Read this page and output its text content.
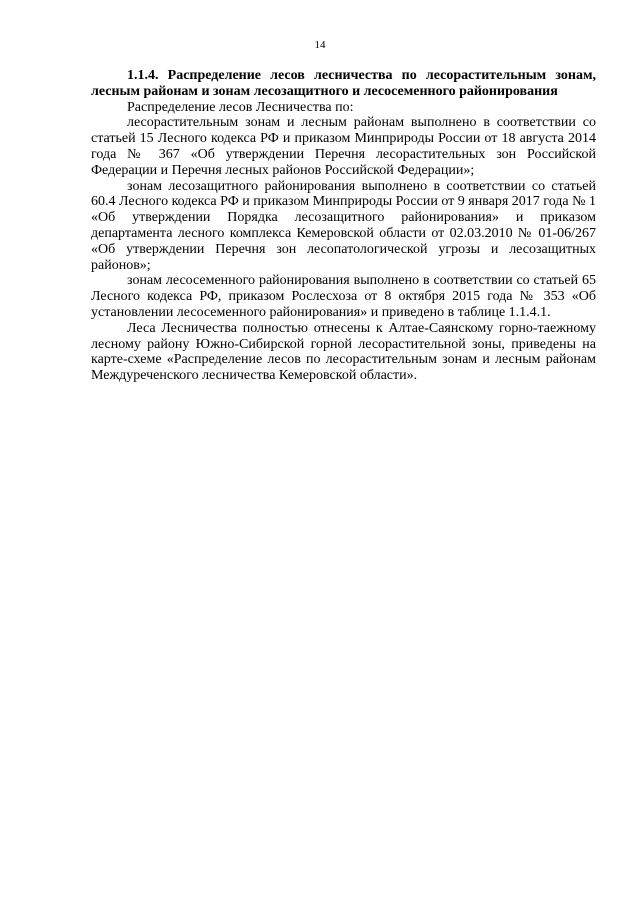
14

1.1.4. Распределение лесов лесничества по лесорастительным зонам, лесным районам и зонам лесозащитного и лесосеменного районирования

Распределение лесов Лесничества по:

лесорастительным зонам и лесным районам выполнено в соответствии со статьей 15 Лесного кодекса РФ и приказом Минприроды России от 18 августа 2014 года № 367 «Об утверждении Перечня лесорастительных зон Российской Федерации и Перечня лесных районов Российской Федерации»;

зонам лесозащитного районирования выполнено в соответствии со статьей 60.4 Лесного кодекса РФ и приказом Минприроды России от 9 января 2017 года № 1 «Об утверждении Порядка лесозащитного районирования» и приказом департамента лесного комплекса Кемеровской области от 02.03.2010 № 01-06/267 «Об утверждении Перечня зон лесопатологической угрозы и лесозащитных районов»;

зонам лесосеменного районирования выполнено в соответствии со статьей 65 Лесного кодекса РФ, приказом Рослесхоза от 8 октября 2015 года № 353 «Об установлении лесосеменного районирования» и приведено в таблице 1.1.4.1.

Леса Лесничества полностью отнесены к Алтае-Саянскому горно-таежному лесному району Южно-Сибирской горной лесорастительной зоны, приведены на карте-схеме «Распределение лесов по лесорастительным зонам и лесным районам Междуреченского лесничества Кемеровской области».
